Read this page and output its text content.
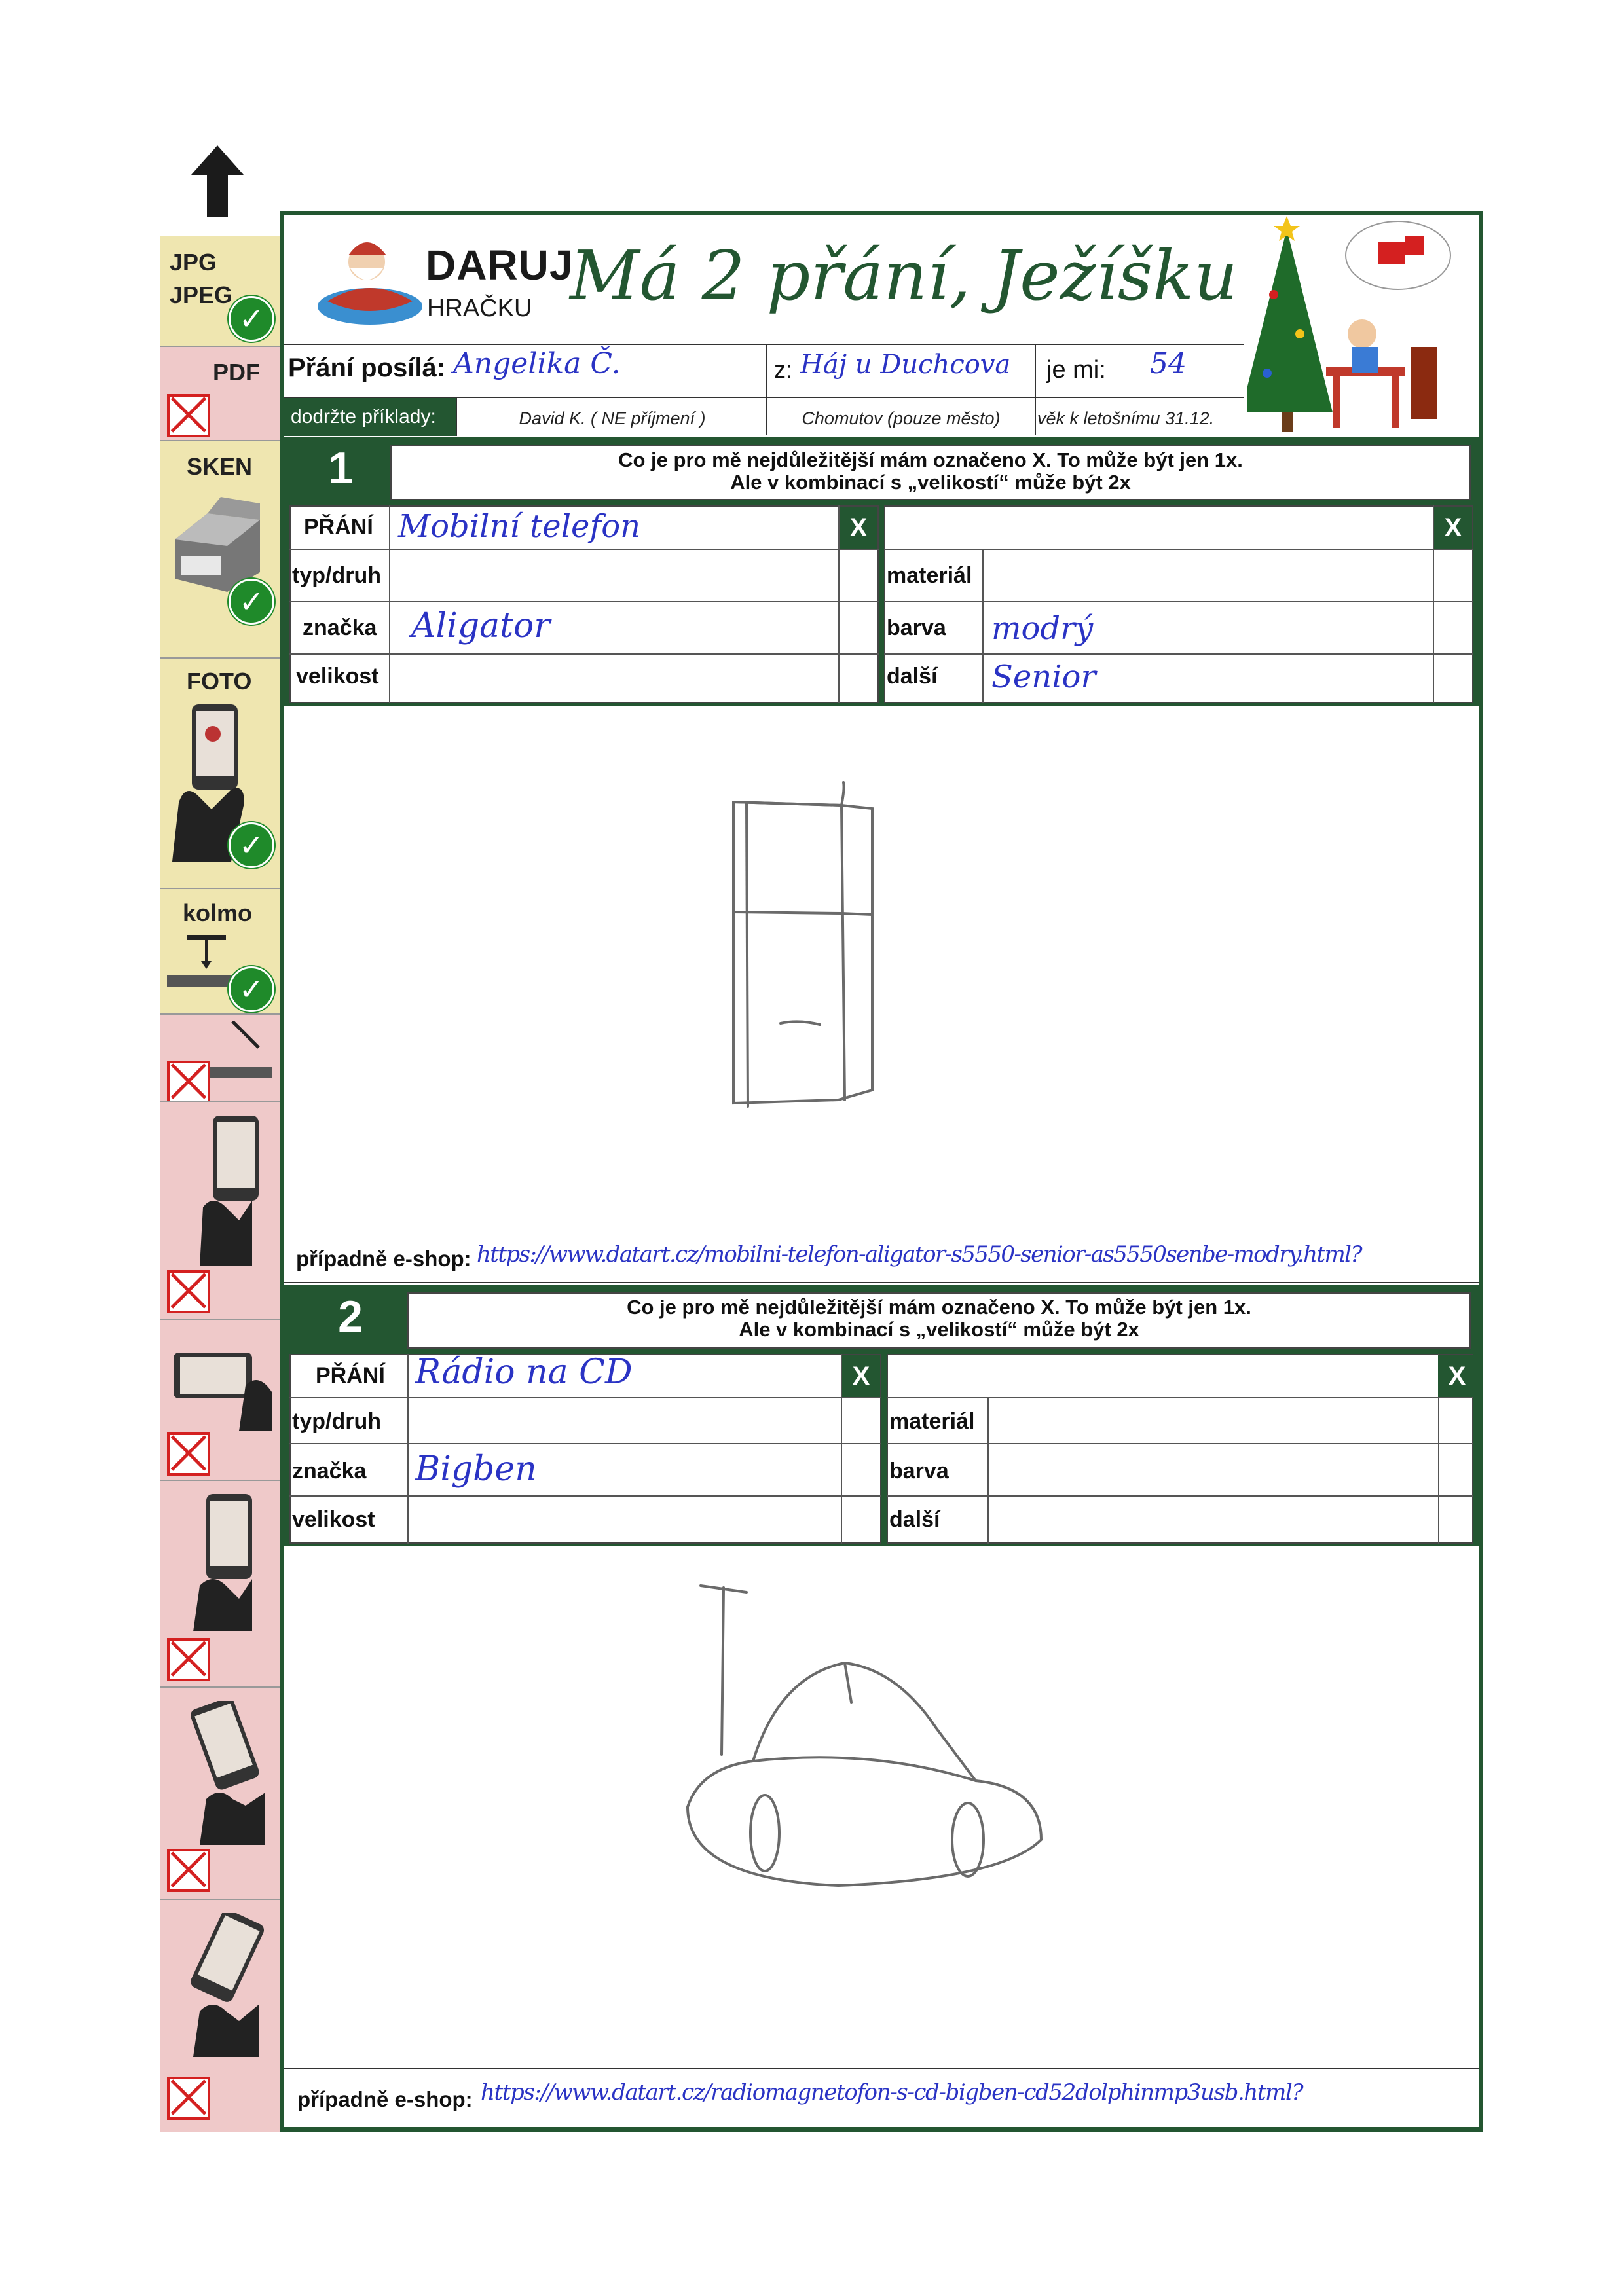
JPG
JPEG
✓
PDF
SKEN
✓
FOTO
✓
kolmo
✓
DARUJ
HRAČKU Má 2 přání, Ježíšku
Přání posílá: Angelika Č.	z: Háj u Duchcova je mi: 54
dodržte příklady:	David K. ( NE příjmení )	Chomutov (pouze město)	věk k letošnímu 31.12.
1	Co je pro mě nejdůležitější mám označeno X. To může být jen 1x.
Ale v kombinací s „velikostí“ může být 2x
PŘÁNÍ Mobilní telefon	X	X
typ/druh
značka Aligator
velikost
materiál
barva modrý
další Senior
případně e-shop: https://www.datart.cz/mobilni-telefon-aligator-s5550-senior-as5550senbe-modry.html?
2	Co je pro mě nejdůležitější mám označeno X. To může být jen 1x.
Ale v kombinací s „velikostí“ může být 2x
PŘÁNÍ Rádio na CD	X	X
typ/druh
značka Bigben
velikost
materiál
barva
další
případně e-shop: https://www.datart.cz/radiomagnetofon-s-cd-bigben-cd52dolphinmp3usb.html?
